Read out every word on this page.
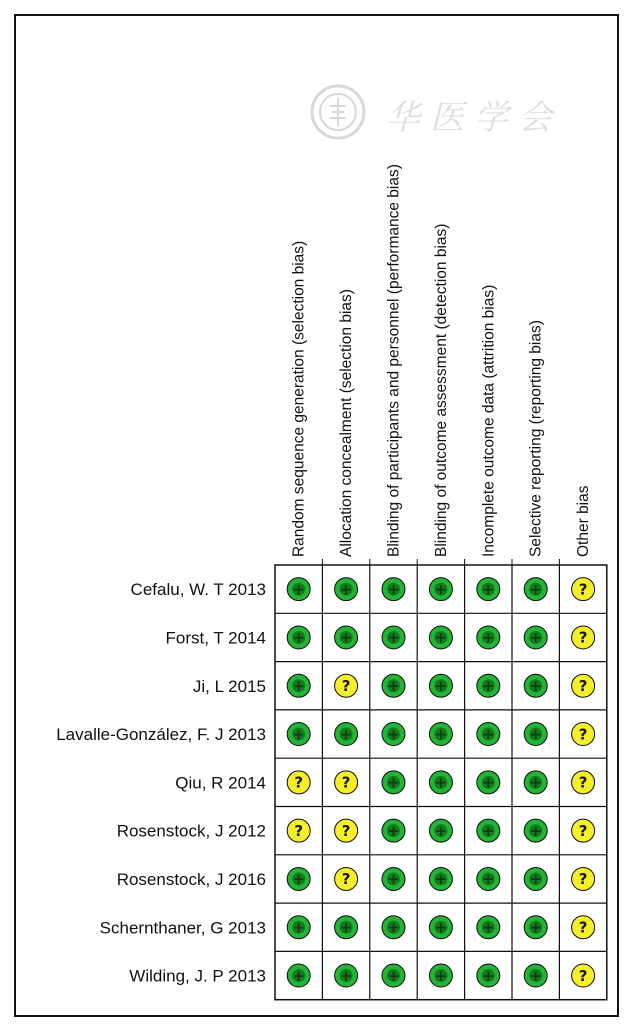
华医学会
Random sequence generation (selection bias) Allocation concealment (selection bias) Blinding of participants and personnel (performance bias) Blinding of outcome assessment (detection bias) Incomplete outcome data (attrition bias) Selective reporting (reporting bias) Other bias
Cefalu, W. T 2013
Forst, T 2014
Ji, L 2015
Lavalle-González, F. J 2013
Qiu, R 2014
Rosenstock, J 2012
Rosenstock, J 2016
Schernthaner, G 2013
Wilding, J. P 2013
+ + + + + + ?
+ + + + + + ?
+ ? + + + + ?
+ + + + + + ?
?	? + + + + ?
?	? + + + + ?
+ ? + + + + ?
+ + + + + + ?
+ + + + + + ?
